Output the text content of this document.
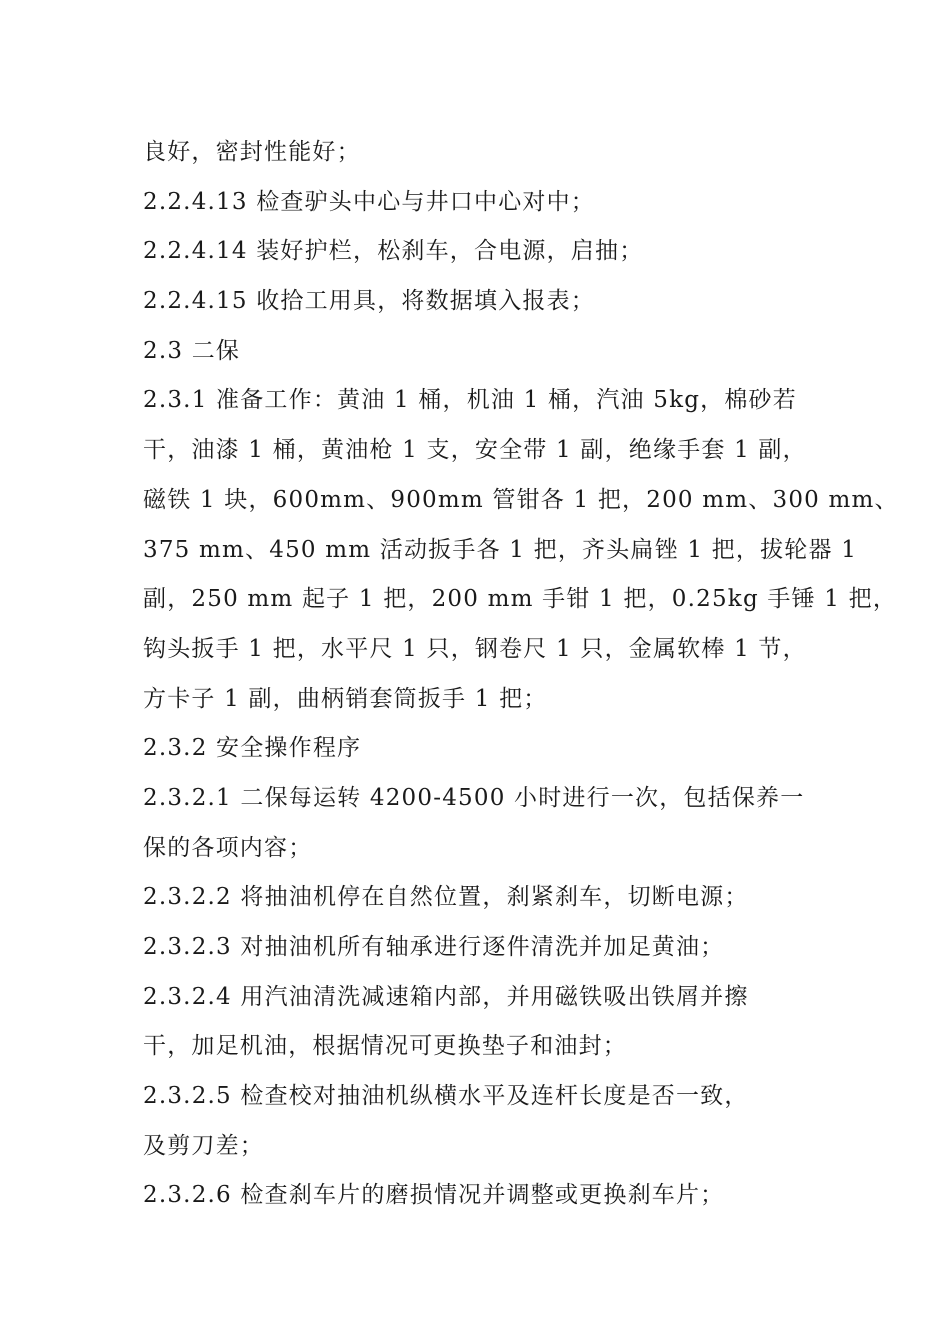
良好，密封性能好；
2.2.4.13 检查驴头中心与井口中心对中；
2.2.4.14 装好护栏，松刹车，合电源，启抽；
2.2.4.15 收拾工用具，将数据填入报表；
2.3 二保
2.3.1 准备工作：黄油 1 桶，机油 1 桶，汽油 5kg，棉砂若
干，油漆 1 桶，黄油枪 1 支，安全带 1 副，绝缘手套 1 副，
磁铁 1 块，600mm、900mm 管钳各 1 把，200 mm、300 mm、
375 mm、450 mm 活动扳手各 1 把，齐头扁锉 1 把，拔轮器 1
副，250 mm 起子 1 把，200 mm 手钳 1 把，0.25kg 手锤 1 把，
钩头扳手 1 把，水平尺 1 只，钢卷尺 1 只，金属软棒 1 节，
方卡子 1 副，曲柄销套筒扳手 1 把；
2.3.2 安全操作程序
2.3.2.1 二保每运转 4200-4500 小时进行一次，包括保养一
保的各项内容；
2.3.2.2 将抽油机停在自然位置，刹紧刹车，切断电源；
2.3.2.3 对抽油机所有轴承进行逐件清洗并加足黄油；
2.3.2.4 用汽油清洗减速箱内部，并用磁铁吸出铁屑并擦
干，加足机油，根据情况可更换垫子和油封；
2.3.2.5 检查校对抽油机纵横水平及连杆长度是否一致，
及剪刀差；
2.3.2.6 检查刹车片的磨损情况并调整或更换刹车片；
